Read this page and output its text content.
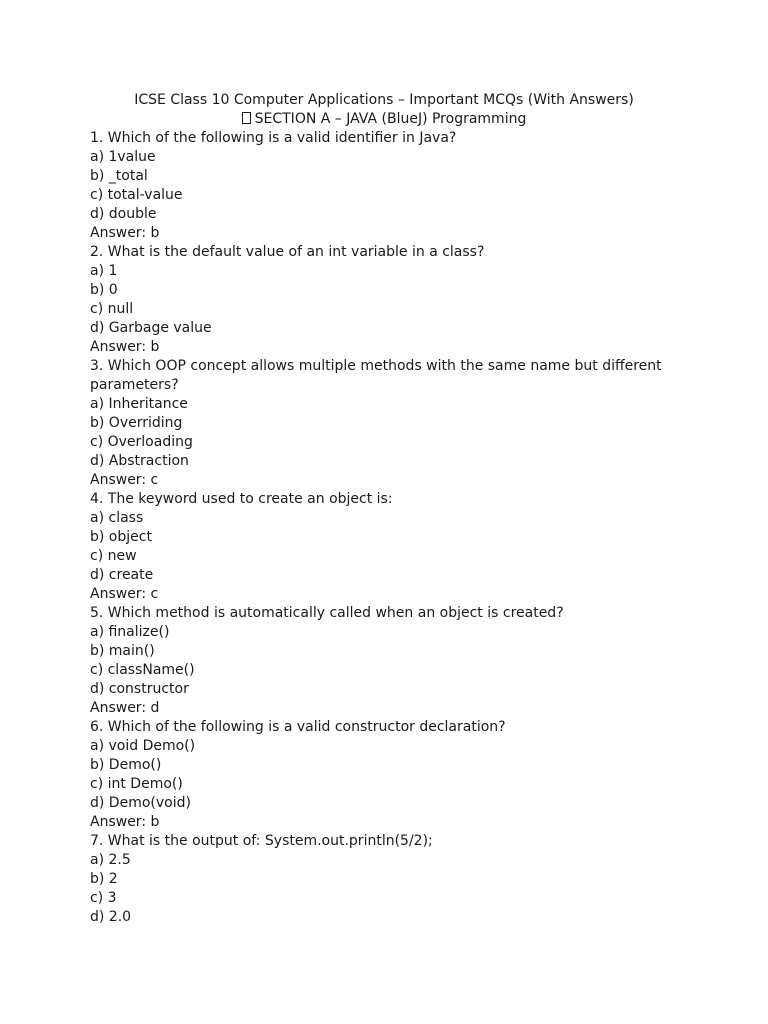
ICSE Class 10 Computer Applications – Important MCQs (With Answers)
SECTION A – JAVA (BlueJ) Programming
1. Which of the following is a valid identifier in Java?
a) 1value
b) _total
c) total-value
d) double
Answer: b
2. What is the default value of an int variable in a class?
a) 1
b) 0
c) null
d) Garbage value
Answer: b
3. Which OOP concept allows multiple methods with the same name but different parameters?
a) Inheritance
b) Overriding
c) Overloading
d) Abstraction
Answer: c
4. The keyword used to create an object is:
a) class
b) object
c) new
d) create
Answer: c
5. Which method is automatically called when an object is created?
a) finalize()
b) main()
c) className()
d) constructor
Answer: d
6. Which of the following is a valid constructor declaration?
a) void Demo()
b) Demo()
c) int Demo()
d) Demo(void)
Answer: b
7. What is the output of: System.out.println(5/2);
a) 2.5
b) 2
c) 3
d) 2.0
